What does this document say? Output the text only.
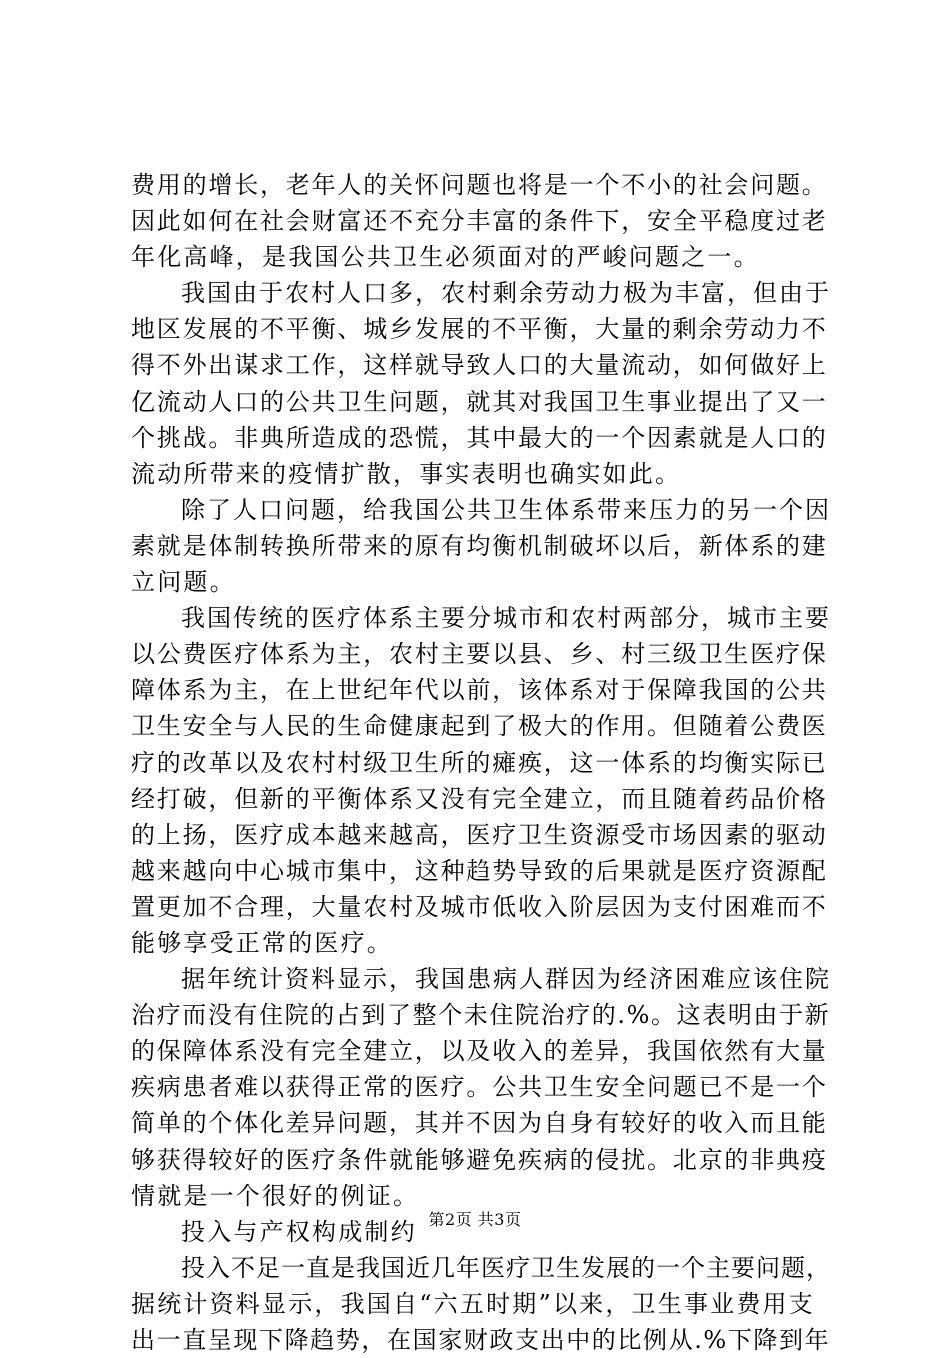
费用的增长，老年人的关怀问题也将是一个不小的社会问题。
因此如何在社会财富还不充分丰富的条件下，安全平稳度过老
年化高峰，是我国公共卫生必须面对的严峻问题之一。
我国由于农村人口多，农村剩余劳动力极为丰富，但由于
地区发展的不平衡、城乡发展的不平衡，大量的剩余劳动力不
得不外出谋求工作，这样就导致人口的大量流动，如何做好上
亿流动人口的公共卫生问题，就其对我国卫生事业提出了又一
个挑战。非典所造成的恐慌，其中最大的一个因素就是人口的
流动所带来的疫情扩散，事实表明也确实如此。
除了人口问题，给我国公共卫生体系带来压力的另一个因
素就是体制转换所带来的原有均衡机制破坏以后，新体系的建
立问题。
我国传统的医疗体系主要分城市和农村两部分，城市主要
以公费医疗体系为主，农村主要以县、乡、村三级卫生医疗保
障体系为主，在上世纪年代以前，该体系对于保障我国的公共
卫生安全与人民的生命健康起到了极大的作用。但随着公费医
疗的改革以及农村村级卫生所的瘫痪，这一体系的均衡实际已
经打破，但新的平衡体系又没有完全建立，而且随着药品价格
的上扬，医疗成本越来越高，医疗卫生资源受市场因素的驱动
越来越向中心城市集中，这种趋势导致的后果就是医疗资源配
置更加不合理，大量农村及城市低收入阶层因为支付困难而不
能够享受正常的医疗。
据年统计资料显示，我国患病人群因为经济困难应该住院
治疗而没有住院的占到了整个未住院治疗的.%。这表明由于新
的保障体系没有完全建立，以及收入的差异，我国依然有大量
疾病患者难以获得正常的医疗。公共卫生安全问题已不是一个
简单的个体化差异问题，其并不因为自身有较好的收入而且能
够获得较好的医疗条件就能够避免疾病的侵扰。北京的非典疫
情就是一个很好的例证。
投入与产权构成制约
投入不足一直是我国近几年医疗卫生发展的一个主要问题，
据统计资料显示，我国自“六五时期”以来，卫生事业费用支
出一直呈现下降趋势，在国家财政支出中的比例从.%下降到年
第2页 共3页
